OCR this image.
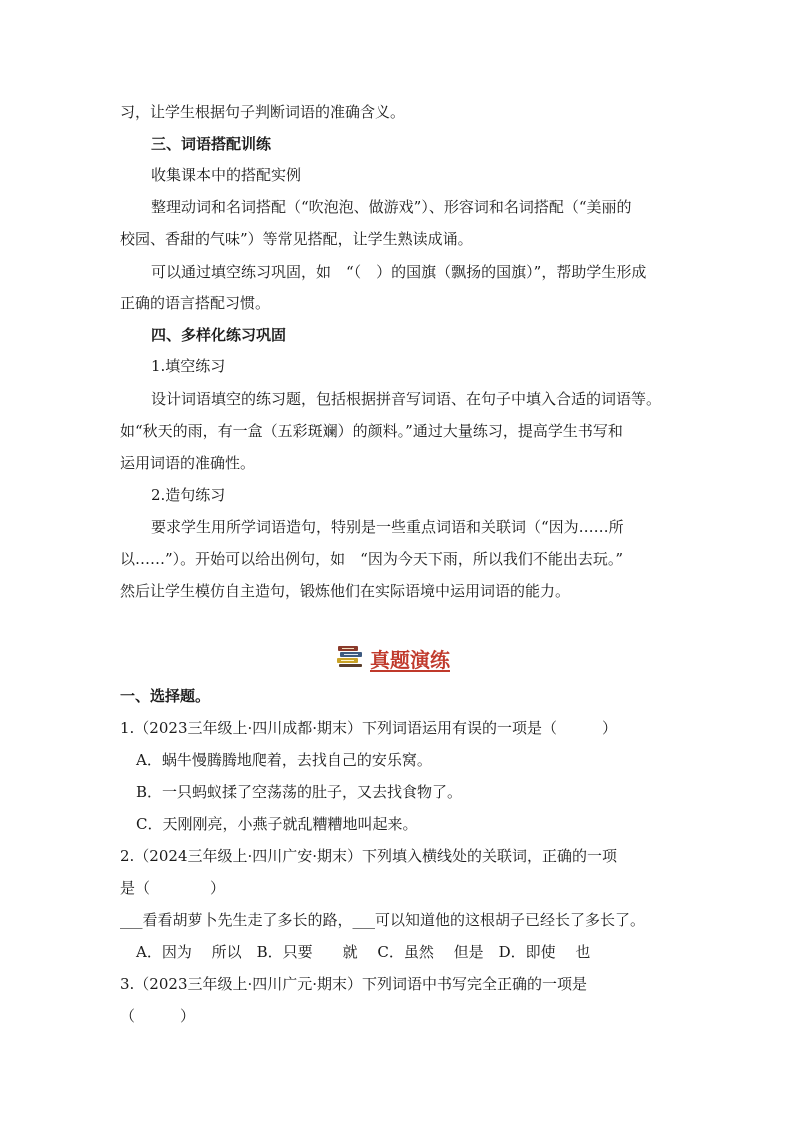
习，让学生根据句子判断词语的准确含义。
三、词语搭配训练
收集课本中的搭配实例
整理动词和名词搭配（“吹泡泡、做游戏”）、形容词和名词搭配（“美丽的
校园、香甜的气味”）等常见搭配，让学生熟读成诵。
可以通过填空练习巩固，如　“（　）的国旗（飘扬的国旗）”，帮助学生形成
正确的语言搭配习惯。
四、多样化练习巩固
1.填空练习
设计词语填空的练习题，包括根据拼音写词语、在句子中填入合适的词语等。
如“秋天的雨，有一盒（五彩斑斓）的颜料。”通过大量练习，提高学生书写和
运用词语的准确性。
2.造句练习
要求学生用所学词语造句，特别是一些重点词语和关联词（“因为……所
以……”）。开始可以给出例句，如　“因为今天下雨，所以我们不能出去玩。”
然后让学生模仿自主造句，锻炼他们在实际语境中运用词语的能力。
真题演练
一、选择题。
1.（2023三年级上·四川成都·期末）下列词语运用有误的一项是（　　　）
A．蜗牛慢腾腾地爬着，去找自己的安乐窝。
B．一只蚂蚁揉了空荡荡的肚子，又去找食物了。
C．天刚刚亮，小燕子就乱糟糟地叫起来。
2.（2024三年级上·四川广安·期末）下列填入横线处的关联词，正确的一项
是（　　　　）
___看看胡萝卜先生走了多长的路，___可以知道他的这根胡子已经长了多长了。
A．因为　 所以　B．只要　　就　 C．虽然　 但是　D．即使　 也
3.（2023三年级上·四川广元·期末）下列词语中书写完全正确的一项是
（　　　）
